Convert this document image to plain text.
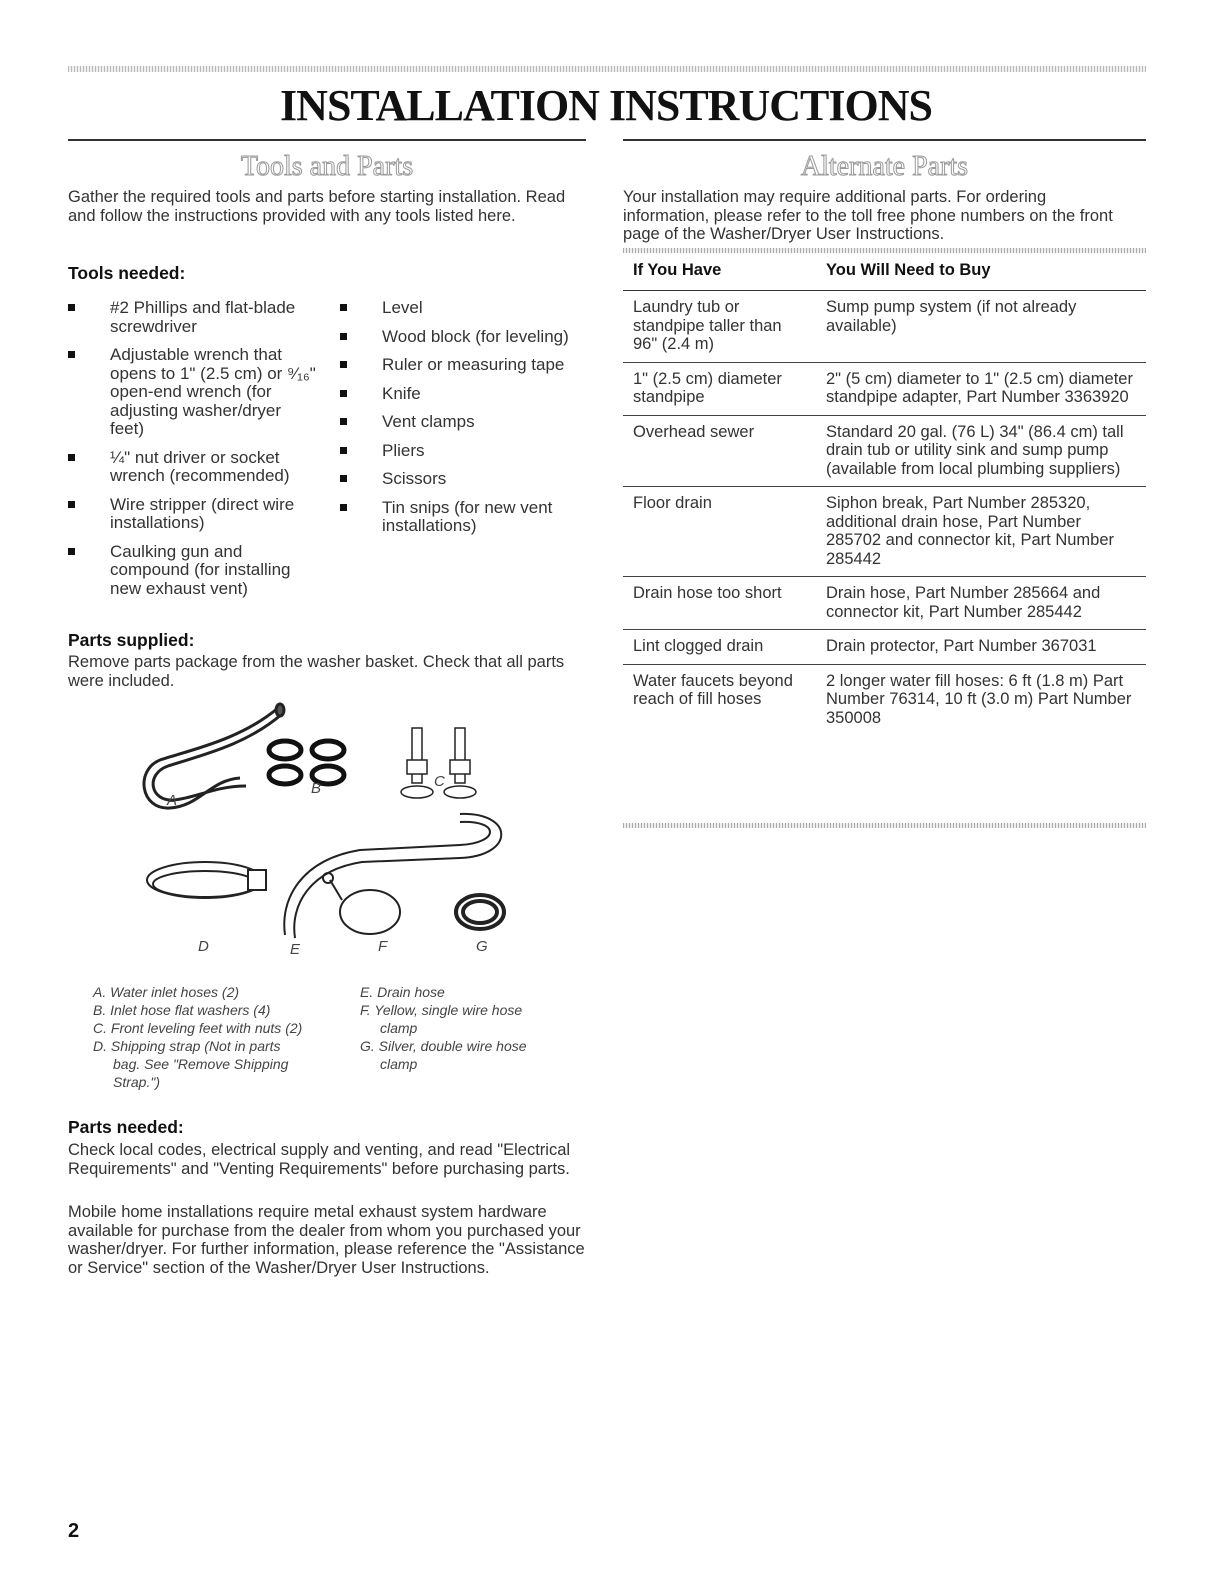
INSTALLATION INSTRUCTIONS
Tools and Parts

Gather the required tools and parts before starting installation. Read and follow the instructions provided with any tools listed here.

Tools needed:

#2 Phillips and flat-blade screwdriver
Adjustable wrench that opens to 1" (2.5 cm) or ⁹⁄₁₆" open-end wrench (for adjusting washer/dryer feet)
¼" nut driver or socket wrench (recommended)
Wire stripper (direct wire installations)
Caulking gun and compound (for installing new exhaust vent)
Level
Wood block (for leveling)
Ruler or measuring tape
Knife
Vent clamps
Pliers
Scissors
Tin snips (for new vent installations)

Parts supplied:

Remove parts package from the washer basket. Check that all parts were included.

A
B	C
D	E	F	G
A. Water inlet hoses (2)
B. Inlet hose flat washers (4)
C. Front leveling feet with nuts (2)
D. Shipping strap (Not in parts
bag. See "Remove Shipping
Strap.")
E. Drain hose
F. Yellow, single wire hose
clamp
G. Silver, double wire hose
clamp

Parts needed:

Check local codes, electrical supply and venting, and read "Electrical Requirements" and "Venting Requirements" before purchasing parts.

Mobile home installations require metal exhaust system hardware available for purchase from the dealer from whom you purchased your washer/dryer. For further information, please reference the "Assistance or Service" section of the Washer/Dryer User Instructions.

Alternate Parts

Your installation may require additional parts. For ordering information, please refer to the toll free phone numbers on the front page of the Washer/Dryer User Instructions.

If You Have	You Will Need to Buy
Laundry tub or standpipe taller than 96" (2.4 m)	Sump pump system (if not already available)
1" (2.5 cm) diameter standpipe	2" (5 cm) diameter to 1" (2.5 cm) diameter standpipe adapter, Part Number 3363920
Overhead sewer	Standard 20 gal. (76 L) 34" (86.4 cm) tall drain tub or utility sink and sump pump (available from local plumbing suppliers)
Floor drain	Siphon break, Part Number 285320, additional drain hose, Part Number 285702 and connector kit, Part Number 285442
Drain hose too short	Drain hose, Part Number 285664 and connector kit, Part Number 285442
Lint clogged drain	Drain protector, Part Number 367031
Water faucets beyond reach of fill hoses	2 longer water fill hoses: 6 ft (1.8 m) Part Number 76314, 10 ft (3.0 m) Part Number 350008
2
